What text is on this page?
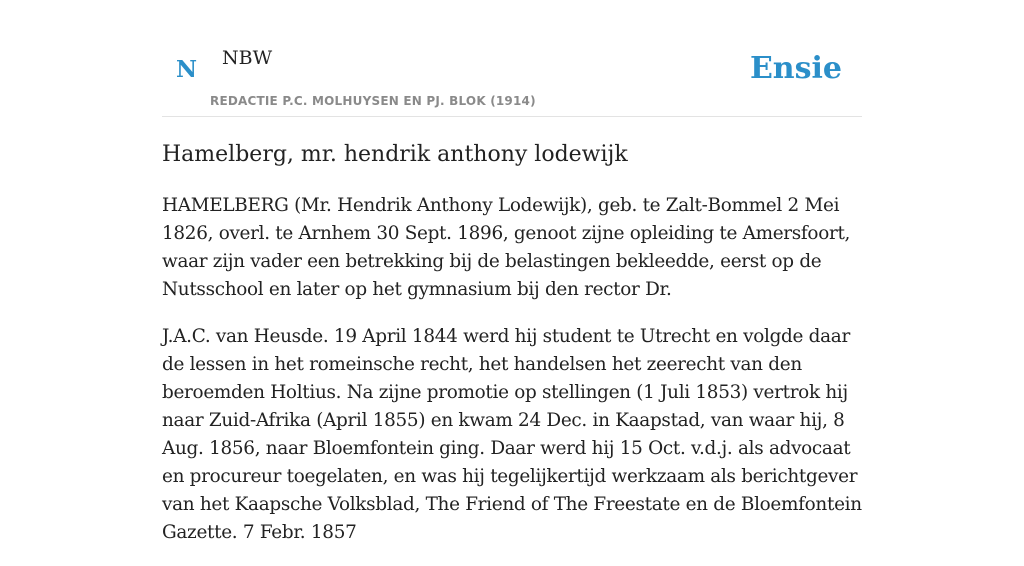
N NBW
REDACTIE P.C. MOLHUYSEN EN PJ. BLOK (1914)
Ensie
Hamelberg, mr. hendrik anthony lodewijk

HAMELBERG (Mr. Hendrik Anthony Lodewijk), geb. te Zalt-Bommel 2 Mei 1826, overl. te Arnhem 30 Sept. 1896, genoot zijne opleiding te Amersfoort, waar zijn vader een betrekking bij de belastingen bekleedde, eerst op de Nutsschool en later op het gymnasium bij den rector Dr.

J.A.C. van Heusde. 19 April 1844 werd hij student te Utrecht en volgde daar de lessen in het romeinsche recht, het handelsen het zeerecht van den beroemden Holtius. Na zijne promotie op stellingen (1 Juli 1853) vertrok hij naar Zuid-Afrika (April 1855) en kwam 24 Dec. in Kaapstad, van waar hij, 8 Aug. 1856, naar Bloemfontein ging. Daar werd hij 15 Oct. v.d.j. als advocaat en procureur toegelaten, en was hij tegelijkertijd werkzaam als berichtgever van het Kaapsche Volksblad, The Friend of The Freestate en de Bloemfontein Gazette. 7 Febr. 1857
